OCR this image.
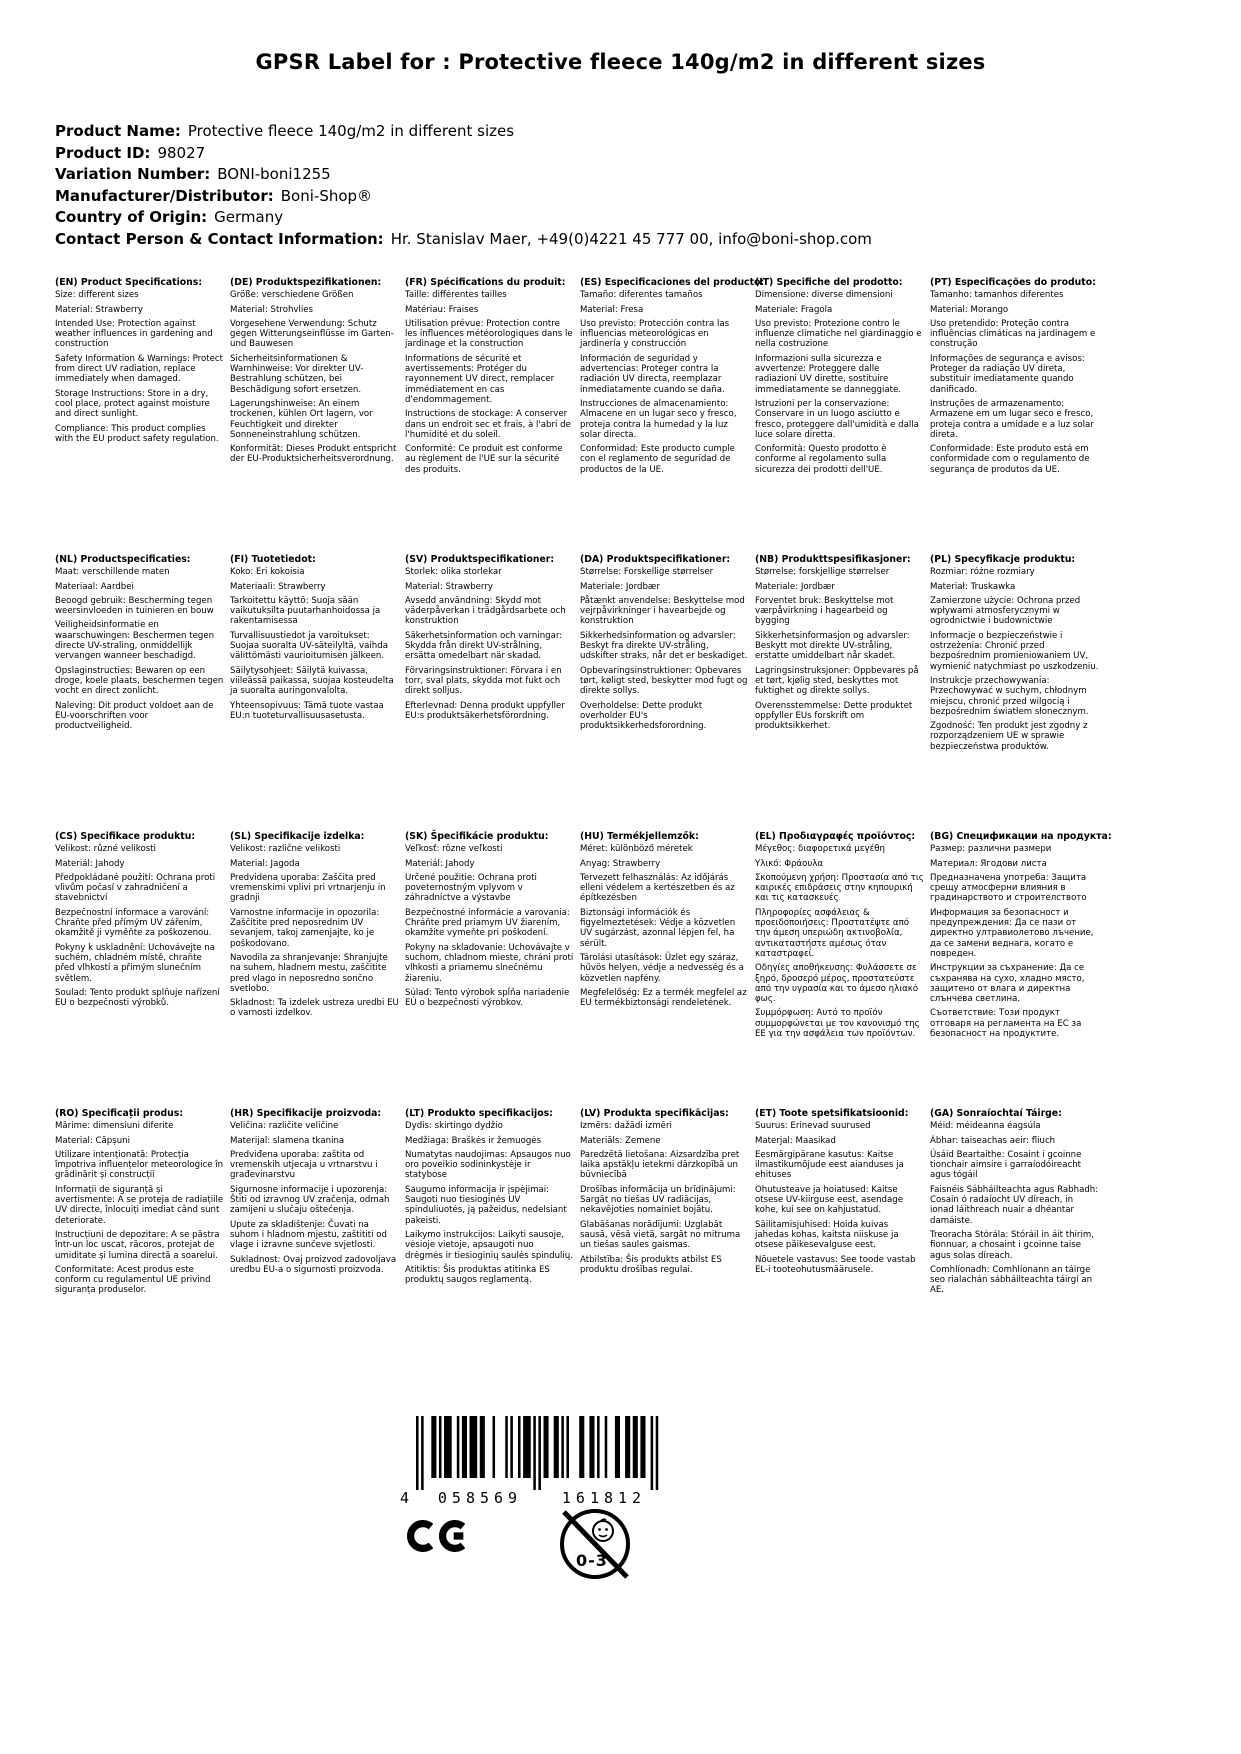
GPSR Label for : Protective fleece 140g/m2 in different sizes
Product Name: Protective fleece 140g/m2 in different sizes
Product ID: 98027
Variation Number: BONI-boni1255
Manufacturer/Distributor: Boni-Shop®
Country of Origin: Germany
Contact Person & Contact Information: Hr. Stanislav Maer, +49(0)4221 45 777 00, info@boni-shop.com
(EN) Product Specifications:

Size: different sizes

Material: Strawberry

Intended Use: Protection against weather influences in gardening and construction

Safety Information & Warnings: Protect from direct UV radiation, replace immediately when damaged.

Storage Instructions: Store in a dry, cool place, protect against moisture and direct sunlight.

Compliance: This product complies with the EU product safety regulation.

(DE) Produktspezifikationen:

Größe: verschiedene Größen

Material: Strohvlies

Vorgesehene Verwendung: Schutz gegen Witterungseinflüsse im Garten- und Bauwesen

Sicherheitsinformationen & Warnhinweise: Vor direkter UV-Bestrahlung schützen, bei Beschädigung sofort ersetzen.

Lagerungshinweise: An einem trockenen, kühlen Ort lagern, vor Feuchtigkeit und direkter Sonneneinstrahlung schützen.

Konformität: Dieses Produkt entspricht der EU-Produktsicherheitsverordnung.

(FR) Spécifications du produit:

Taille: différentes tailles

Matériau: Fraises

Utilisation prévue: Protection contre les influences météorologiques dans le jardinage et la construction

Informations de sécurité et avertissements: Protéger du rayonnement UV direct, remplacer immédiatement en cas d'endommagement.

Instructions de stockage: A conserver dans un endroit sec et frais, à l'abri de l'humidité et du soleil.

Conformité: Ce produit est conforme au règlement de l'UE sur la sécurité des produits.

(ES) Especificaciones del producto:

Tamaño: diferentes tamaños

Material: Fresa

Uso previsto: Protección contra las influencias meteorológicas en jardinería y construcción

Información de seguridad y advertencias: Proteger contra la radiación UV directa, reemplazar inmediatamente cuando se daña.

Instrucciones de almacenamiento: Almacene en un lugar seco y fresco, proteja contra la humedad y la luz solar directa.

Conformidad: Este producto cumple con el reglamento de seguridad de productos de la UE.

(IT) Specifiche del prodotto:

Dimensione: diverse dimensioni

Materiale: Fragola

Uso previsto: Protezione contro le influenze climatiche nel giardinaggio e nella costruzione

Informazioni sulla sicurezza e avvertenze: Proteggere dalle radiazioni UV dirette, sostituire immediatamente se danneggiate.

Istruzioni per la conservazione: Conservare in un luogo asciutto e fresco, proteggere dall'umidità e dalla luce solare diretta.

Conformità: Questo prodotto è conforme al regolamento sulla sicurezza dei prodotti dell'UE.

(PT) Especificações do produto:

Tamanho: tamanhos diferentes

Material: Morango

Uso pretendido: Proteção contra influências climáticas na jardinagem e construção

Informações de segurança e avisos: Proteger da radiação UV direta, substituir imediatamente quando danificado.

Instruções de armazenamento: Armazene em um lugar seco e fresco, proteja contra a umidade e a luz solar direta.

Conformidade: Este produto está em conformidade com o regulamento de segurança de produtos da UE.

(NL) Productspecificaties:

Maat: verschillende maten

Materiaal: Aardbei

Beoogd gebruik: Bescherming tegen weersinvloeden in tuinieren en bouw

Veiligheidsinformatie en waarschuwingen: Beschermen tegen directe UV-straling, onmiddellijk vervangen wanneer beschadigd.

Opslaginstructies: Bewaren op een droge, koele plaats, beschermen tegen vocht en direct zonlicht.

Naleving: Dit product voldoet aan de EU-voorschriften voor productveiligheid.

(FI) Tuotetiedot:

Koko: Eri kokoisia

Materiaali: Strawberry

Tarkoitettu käyttö: Suoja sään vaikutuksilta puutarhanhoidossa ja rakentamisessa

Turvallisuustiedot ja varoitukset: Suojaa suoralta UV-säteilyltä, vaihda välittömästi vaurioitumisen jälkeen.

Säilytysohjeet: Säilytä kuivassa, viileässä paikassa, suojaa kosteudelta ja suoralta auringonvalolta.

Yhteensopivuus: Tämä tuote vastaa EU:n tuoteturvallisuusasetusta.

(SV) Produktspecifikationer:

Storlek: olika storlekar

Material: Strawberry

Avsedd användning: Skydd mot väderpåverkan i trädgårdsarbete och konstruktion

Säkerhetsinformation och varningar: Skydda från direkt UV-strålning, ersätta omedelbart när skadad.

Förvaringsinstruktioner: Förvara i en torr, sval plats, skydda mot fukt och direkt solljus.

Efterlevnad: Denna produkt uppfyller EU:s produktsäkerhetsförordning.

(DA) Produktspecifikationer:

Størrelse: Forskellige størrelser

Materiale: Jordbær

Påtænkt anvendelse: Beskyttelse mod vejrpåvirkninger i havearbejde og konstruktion

Sikkerhedsinformation og advarsler: Beskyt fra direkte UV-stråling, udskifter straks, når det er beskadiget.

Opbevaringsinstruktioner: Opbevares tørt, køligt sted, beskytter mod fugt og direkte sollys.

Overholdelse: Dette produkt overholder EU's produktsikkerhedsforordning.

(NB) Produkttspesifikasjoner:

Størrelse: forskjellige størrelser

Materiale: Jordbær

Forventet bruk: Beskyttelse mot værpåvirkning i hagearbeid og bygging

Sikkerhetsinformasjon og advarsler: Beskytt mot direkte UV-stråling, erstatte umiddelbart når skadet.

Lagringsinstruksjoner: Oppbevares på et tørt, kjølig sted, beskyttes mot fuktighet og direkte sollys.

Overensstemmelse: Dette produktet oppfyller EUs forskrift om produktsikkerhet.

(PL) Specyfikacje produktu:

Rozmiar: różne rozmiary

Materiał: Truskawka

Zamierzone użycie: Ochrona przed wpływami atmosferycznymi w ogrodnictwie i budownictwie

Informacje o bezpieczeństwie i ostrzeżenia: Chronić przed bezpośrednim promieniowaniem UV, wymienić natychmiast po uszkodzeniu.

Instrukcje przechowywania: Przechowywać w suchym, chłodnym miejscu, chronić przed wilgocią i bezpośrednim światłem słonecznym.

Zgodność: Ten produkt jest zgodny z rozporządzeniem UE w sprawie bezpieczeństwa produktów.

(CS) Specifikace produktu:

Velikost: různé velikosti

Materiál: Jahody

Předpokládané použití: Ochrana proti vlivům počasí v zahradničení a stavebnictví

Bezpečnostní informace a varování: Chraňte před přímým UV zářením, okamžitě ji vyměňte za poškozenou.

Pokyny k uskladnění: Uchovávejte na suchém, chladném místě, chraňte před vlhkostí a přímým slunečním světlem.

Soulad: Tento produkt splňuje nařízení EU o bezpečnosti výrobků.

(SL) Specifikacije izdelka:

Velikost: različne velikosti

Material: Jagoda

Predvidena uporaba: Zaščita pred vremenskimi vplivi pri vrtnarjenju in gradnji

Varnostne informacije in opozorila: Zaščitite pred neposrednim UV sevanjem, takoj zamenjajte, ko je poškodovano.

Navodila za shranjevanje: Shranjujte na suhem, hladnem mestu, zaščitite pred vlago in neposredno sončno svetlobo.

Skladnost: Ta izdelek ustreza uredbi EU o varnosti izdelkov.

(SK) Špecifikácie produktu:

Veľkosť: rôzne veľkosti

Materiál: Jahody

Určené použitie: Ochrana proti poveternostným vplyvom v záhradníctve a výstavbe

Bezpečnostné informácie a varovania: Chráňte pred priamym UV žiarením, okamžite vymeňte pri poškodení.

Pokyny na skladovanie: Uchovávajte v suchom, chladnom mieste, chráni proti vlhkosti a priamemu slnečnému žiareniu.

Súlad: Tento výrobok spĺňa nariadenie EÚ o bezpečnosti výrobkov.

(HU) Termékjellemzők:

Méret: különböző méretek

Anyag: Strawberry

Tervezett felhasználás: Az időjárás elleni védelem a kertészetben és az építkezésben

Biztonsági információk és figyelmeztetések: Védje a közvetlen UV sugárzást, azonnal lépjen fel, ha sérült.

Tárolási utasítások: Üzlet egy száraz, hűvös helyen, védje a nedvesség és a közvetlen napfény.

Megfelelőség: Ez a termék megfelel az EU termékbiztonsági rendeletének.

(EL) Προδιαγραφές προϊόντος:

Μέγεθος: διαφορετικά μεγέθη

Υλικό: Φράουλα

Σκοπούμενη χρήση: Προστασία από τις καιρικές επιδράσεις στην κηπουρική και τις κατασκευές

Πληροφορίες ασφάλειας & προειδοποιήσεις: Προστατέψτε από την άμεση υπεριώδη ακτινοβολία, αντικαταστήστε αμέσως όταν καταστραφεί.

Οδηγίες αποθήκευσης: Φυλάσσετε σε ξηρό, δροσερό μέρος, προστατεύστε από την υγρασία και το άμεσο ηλιακό φως.

Συμμόρφωση: Αυτό το προϊόν συμμορφώνεται με τον κανονισμό της ΕΕ για την ασφάλεια των προϊόντων.

(BG) Спецификации на продукта:

Размер: различни размери

Материал: Ягодови листа

Предназначена употреба: Защита срещу атмосферни влияния в градинарството и строителството

Информация за безопасност и предупреждения: Да се пази от директно ултравиолетово лъчение, да се замени веднага, когато е повреден.

Инструкции за съхранение: Да се съхранява на сухо, хладно място, защитено от влага и директна слънчева светлина.

Съответствие: Този продукт отговаря на регламента на ЕС за безопасност на продуктите.

(RO) Specificații produs:

Mărime: dimensiuni diferite

Material: Căpșuni

Utilizare intenționată: Protecția împotriva influențelor meteorologice în grădinărit și construcții

Informații de siguranță și avertismente: A se proteja de radiațiile UV directe, înlocuiți imediat când sunt deteriorate.

Instrucțiuni de depozitare: A se păstra într-un loc uscat, răcoros, protejat de umiditate și lumina directă a soarelui.

Conformitate: Acest produs este conform cu regulamentul UE privind siguranța produselor.

(HR) Specifikacije proizvoda:

Veličina: različite veličine

Materijal: slamena tkanina

Predviđena uporaba: zaštita od vremenskih utjecaja u vrtnarstvu i građevinarstvu

Sigurnosne informacije i upozorenja: Štiti od izravnog UV zračenja, odmah zamijeni u slučaju oštećenja.

Upute za skladištenje: Čuvati na suhom i hladnom mjestu, zaštititi od vlage i izravne sunčeve svjetlosti.

Sukladnost: Ovaj proizvod zadovoljava uredbu EU-a o sigurnosti proizvoda.

(LT) Produkto specifikacijos:

Dydis: skirtingo dydžio

Medžiaga: Braškės ir žemuogės

Numatytas naudojimas: Apsaugos nuo oro poveikio sodininkystėje ir statybose

Saugumo informacija ir įspėjimai: Saugoti nuo tiesioginės UV spinduliuotės, ją pažeidus, nedelsiant pakeisti.

Laikymo instrukcijos: Laikyti sausoje, vėsioje vietoje, apsaugoti nuo drėgmės ir tiesioginių saulės spindulių.

Atitiktis: Šis produktas atitinka ES produktų saugos reglamentą.

(LV) Produkta specifikācijas:

Izmērs: dažādi izmēri

Materiāls: Zemene

Paredzētā lietošana: Aizsardzība pret laika apstākļu ietekmi dārzkopībā un būvniecībā

Drošības informācija un brīdinājumi: Sargāt no tiešas UV radiācijas, nekavējoties nomainiet bojātu.

Glabāšanas norādījumi: Uzglabāt sausā, vēsā vietā, sargāt no mitruma un tiešas saules gaismas.

Atbilstība: Šis produkts atbilst ES produktu drošības regulai.

(ET) Toote spetsifikatsioonid:

Suurus: Erinevad suurused

Materjal: Maasikad

Eesmärgipärane kasutus: Kaitse ilmastikumõjude eest aianduses ja ehituses

Ohutusteave ja hoiatused: Kaitse otsese UV-kiirguse eest, asendage kohe, kui see on kahjustatud.

Säilitamisjuhised: Hoida kuivas jahedas kohas, kaitsta niiskuse ja otsese päikesevalguse eest.

Nõuetele vastavus: See toode vastab EL-i tooteohutusmäärusele.

(GA) Sonraíochtaí Táirge:

Méid: méideanna éagsúla

Ábhar: taiseachas aeir: fliuch

Úsáid Beartaithe: Cosaint i gcoinne tionchair aimsire i garraíodóireacht agus tógáil

Faisnéis Sábháilteachta agus Rabhadh: Cosain ó radaíocht UV díreach, in ionad láithreach nuair a dhéantar damáiste.

Treoracha Stórála: Stóráil in áit thirim, fionnuar, a chosaint i gcoinne taise agus solas díreach.

Comhlíonadh: Comhlíonann an táirge seo rialachán sábháilteachta táirgí an AE.

4 058569	161812
0-3
